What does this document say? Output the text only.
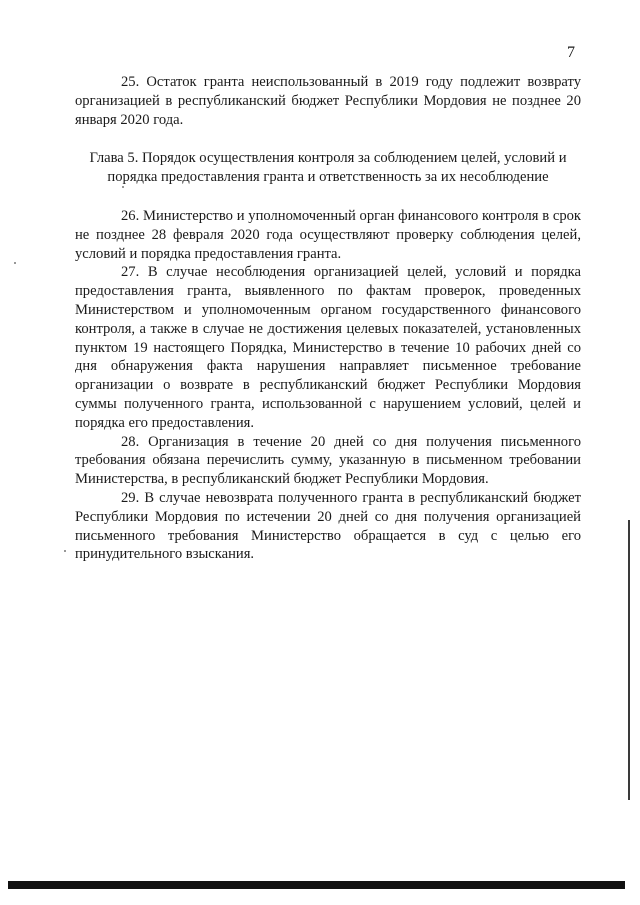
7

25. Остаток гранта неиспользованный в 2019 году подлежит возврату организацией в республиканский бюджет Республики Мордовия не позднее 20 января 2020 года.

Глава 5. Порядок осуществления контроля за соблюдением целей, условий и порядка предоставления гранта и ответственность за их несоблюдение

26. Министерство и уполномоченный орган финансового контроля в срок не позднее 28 февраля 2020 года осуществляют проверку соблюдения целей, условий и порядка предоставления гранта.

27. В случае несоблюдения организацией целей, условий и порядка предоставления гранта, выявленного по фактам проверок, проведенных Министерством и уполномоченным органом государственного финансового контроля, а также в случае не достижения целевых показателей, установленных пунктом 19 настоящего Порядка, Министерство в течение 10 рабочих дней со дня обнаружения факта нарушения направляет письменное требование организации о возврате в республиканский бюджет Республики Мордовия суммы полученного гранта, использованной с нарушением условий, целей и порядка его предоставления.

28. Организация в течение 20 дней со дня получения письменного требования обязана перечислить сумму, указанную в письменном требовании Министерства, в республиканский бюджет Республики Мордовия.

29. В случае невозврата полученного гранта в республиканский бюджет Республики Мордовия по истечении 20 дней со дня получения организацией письменного требования Министерство обращается в суд с целью его принудительного взыскания.
